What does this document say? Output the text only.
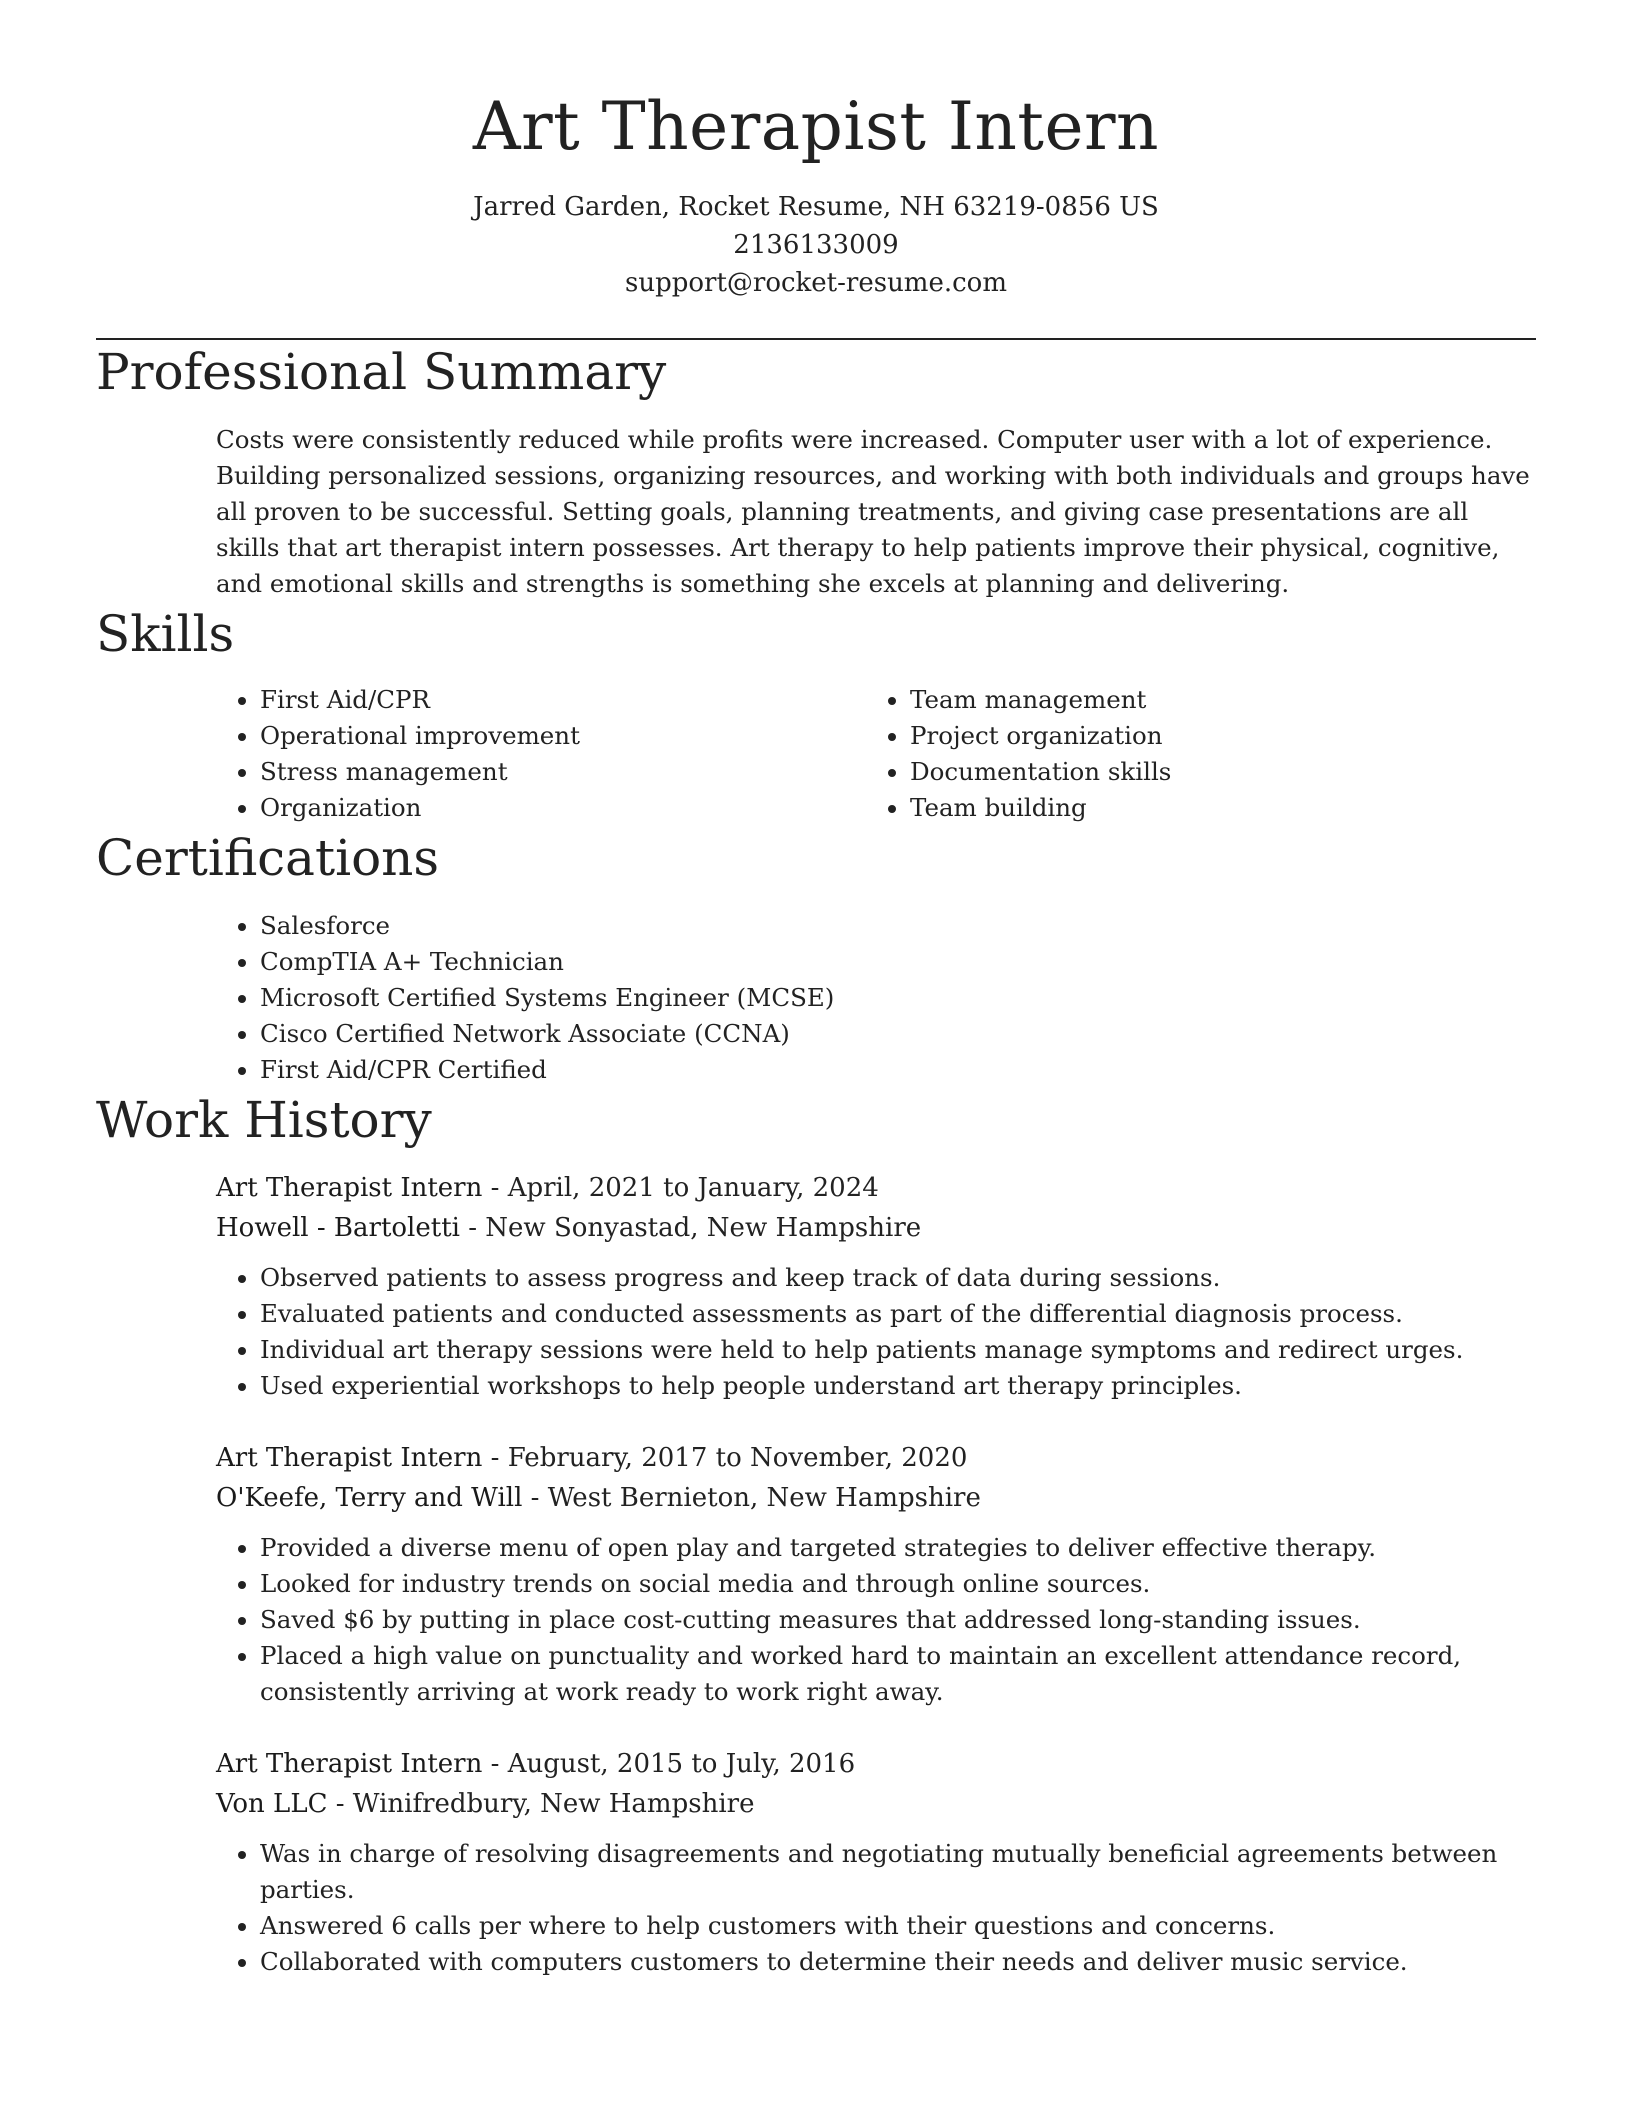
Art Therapist Intern

Jarred Garden, Rocket Resume, NH 63219-0856 US

2136133009

support@rocket-resume.com

Professional Summary

Costs were consistently reduced while profits were increased. Computer user with a lot of experience. Building personalized sessions, organizing resources, and working with both individuals and groups have all proven to be successful. Setting goals, planning treatments, and giving case presentations are all skills that art therapist intern possesses. Art therapy to help patients improve their physical, cognitive, and emotional skills and strengths is something she excels at planning and delivering.

Skills
• First Aid/CPR
• Operational improvement
• Stress management
• Organization
• Team management
• Project organization
• Documentation skills
• Team building
Certifications
• Salesforce
• CompTIA A+ Technician
• Microsoft Certified Systems Engineer (MCSE)
• Cisco Certified Network Associate (CCNA)
• First Aid/CPR Certified
Work History

Art Therapist Intern - April, 2021 to January, 2024

Howell - Bartoletti - New Sonyastad, New Hampshire

• Observed patients to assess progress and keep track of data during sessions.
• Evaluated patients and conducted assessments as part of the differential diagnosis process.
• Individual art therapy sessions were held to help patients manage symptoms and redirect urges.
• Used experiential workshops to help people understand art therapy principles.

Art Therapist Intern - February, 2017 to November, 2020

O'Keefe, Terry and Will - West Bernieton, New Hampshire

• Provided a diverse menu of open play and targeted strategies to deliver effective therapy.
• Looked for industry trends on social media and through online sources.
• Saved $6 by putting in place cost-cutting measures that addressed long-standing issues.
• Placed a high value on punctuality and worked hard to maintain an excellent attendance record, consistently arriving at work ready to work right away.

Art Therapist Intern - August, 2015 to July, 2016

Von LLC - Winifredbury, New Hampshire

• Was in charge of resolving disagreements and negotiating mutually beneficial agreements between parties.
• Answered 6 calls per where to help customers with their questions and concerns.
• Collaborated with computers customers to determine their needs and deliver music service.
